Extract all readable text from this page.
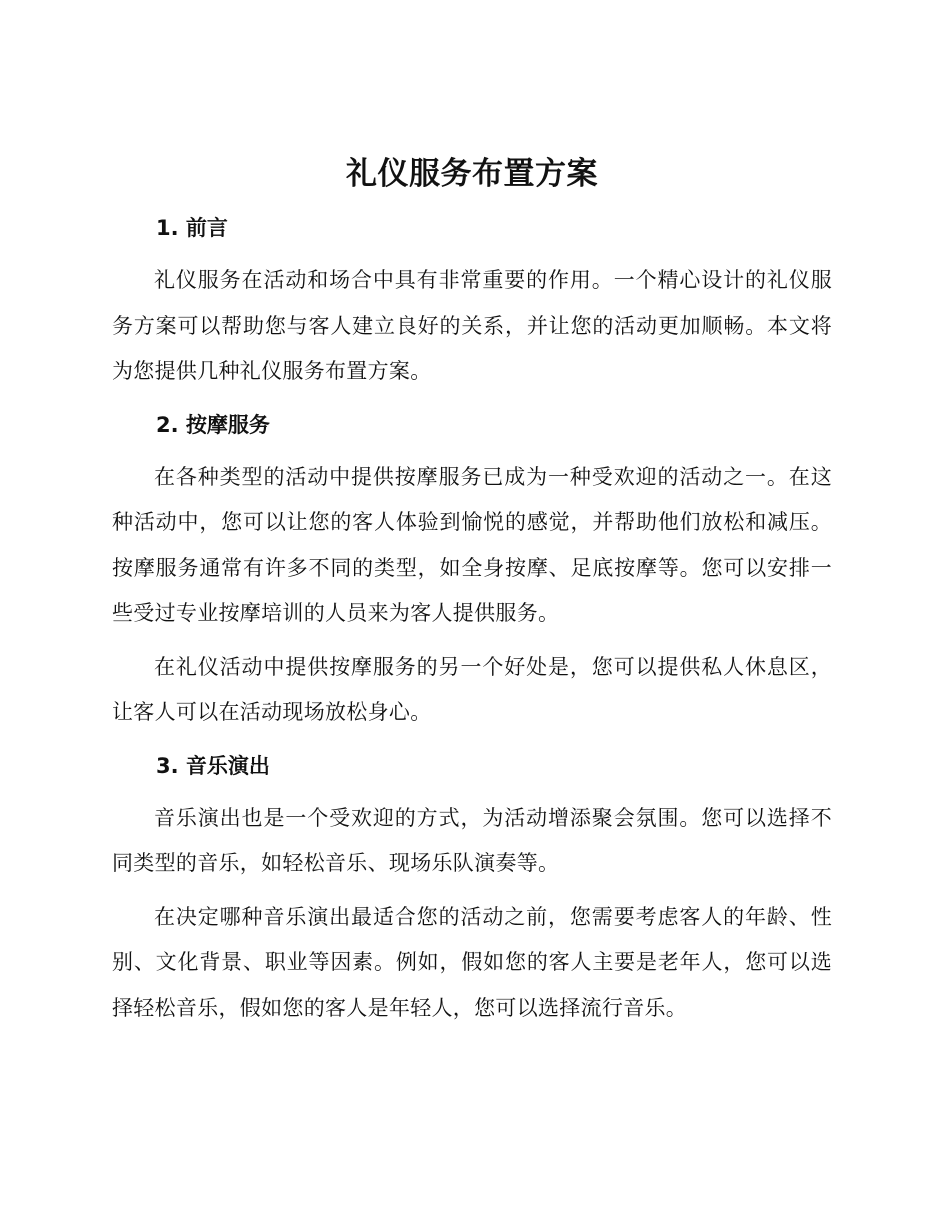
礼仪服务布置方案
1. 前言

礼仪服务在活动和场合中具有非常重要的作用。一个精心设计的礼仪服务方案可以帮助您与客人建立良好的关系，并让您的活动更加顺畅。本文将为您提供几种礼仪服务布置方案。

2. 按摩服务

在各种类型的活动中提供按摩服务已成为一种受欢迎的活动之一。在这种活动中，您可以让您的客人体验到愉悦的感觉，并帮助他们放松和减压。按摩服务通常有许多不同的类型，如全身按摩、足底按摩等。您可以安排一些受过专业按摩培训的人员来为客人提供服务。

在礼仪活动中提供按摩服务的另一个好处是，您可以提供私人休息区，让客人可以在活动现场放松身心。

3. 音乐演出

音乐演出也是一个受欢迎的方式，为活动增添聚会氛围。您可以选择不同类型的音乐，如轻松音乐、现场乐队演奏等。

在决定哪种音乐演出最适合您的活动之前，您需要考虑客人的年龄、性别、文化背景、职业等因素。例如，假如您的客人主要是老年人，您可以选择轻松音乐，假如您的客人是年轻人，您可以选择流行音乐。
